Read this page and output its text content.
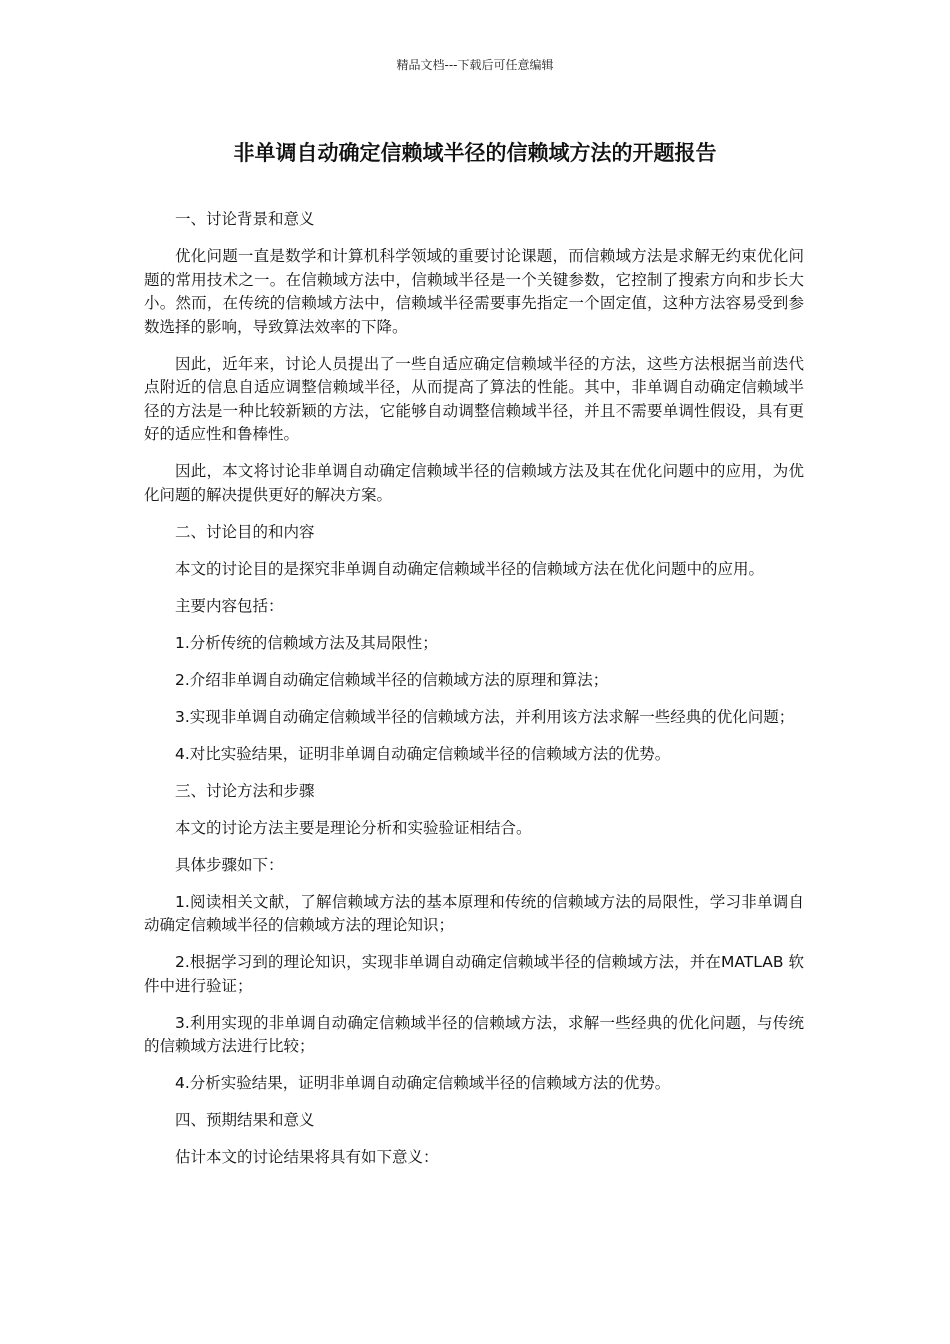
精品文档---下载后可任意编辑
非单调自动确定信赖域半径的信赖域方法的开题报告

一、讨论背景和意义

优化问题一直是数学和计算机科学领域的重要讨论课题，而信赖域方法是求解无约束优化问题的常用技术之一。在信赖域方法中，信赖域半径是一个关键参数，它控制了搜索方向和步长大小。然而，在传统的信赖域方法中，信赖域半径需要事先指定一个固定值，这种方法容易受到参数选择的影响，导致算法效率的下降。

因此，近年来，讨论人员提出了一些自适应确定信赖域半径的方法，这些方法根据当前迭代点附近的信息自适应调整信赖域半径，从而提高了算法的性能。其中，非单调自动确定信赖域半径的方法是一种比较新颖的方法，它能够自动调整信赖域半径，并且不需要单调性假设，具有更好的适应性和鲁棒性。

因此，本文将讨论非单调自动确定信赖域半径的信赖域方法及其在优化问题中的应用，为优化问题的解决提供更好的解决方案。

二、讨论目的和内容

本文的讨论目的是探究非单调自动确定信赖域半径的信赖域方法在优化问题中的应用。

主要内容包括：

1.分析传统的信赖域方法及其局限性；

2.介绍非单调自动确定信赖域半径的信赖域方法的原理和算法；

3.实现非单调自动确定信赖域半径的信赖域方法，并利用该方法求解一些经典的优化问题；

4.对比实验结果，证明非单调自动确定信赖域半径的信赖域方法的优势。

三、讨论方法和步骤

本文的讨论方法主要是理论分析和实验验证相结合。

具体步骤如下：

1.阅读相关文献，了解信赖域方法的基本原理和传统的信赖域方法的局限性，学习非单调自动确定信赖域半径的信赖域方法的理论知识；

2.根据学习到的理论知识，实现非单调自动确定信赖域半径的信赖域方法，并在MATLAB 软件中进行验证；

3.利用实现的非单调自动确定信赖域半径的信赖域方法，求解一些经典的优化问题，与传统的信赖域方法进行比较；

4.分析实验结果，证明非单调自动确定信赖域半径的信赖域方法的优势。

四、预期结果和意义

估计本文的讨论结果将具有如下意义：
